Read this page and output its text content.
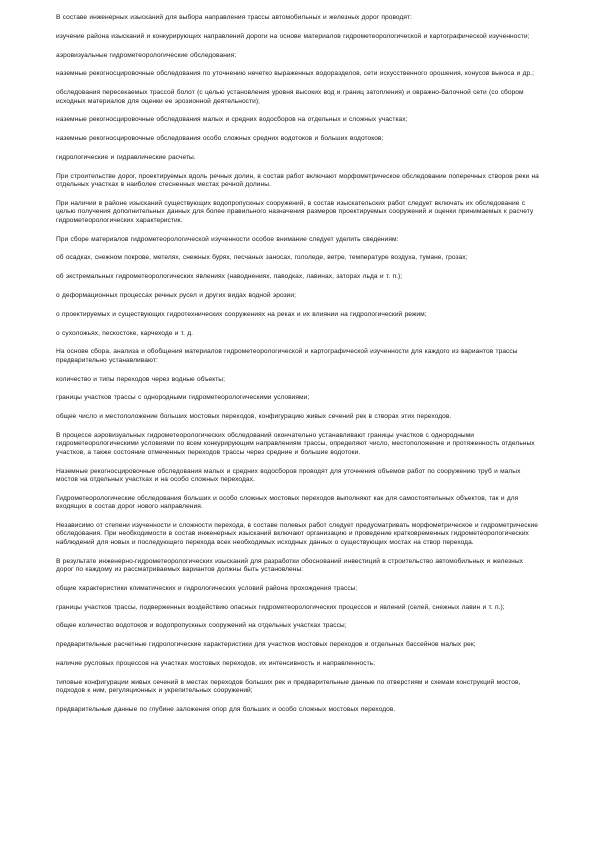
В составе инженерных изысканий для выбора направления трассы автомобильных и железных дорог проводят:

изучение района изысканий и конкурирующих направлений дороги на основе материалов гидрометеорологической и картографической изученности;

аэровизуальные гидрометеорологические обследования;

наземные рекогносцировочные обследования по уточнению нечетко выраженных водоразделов, сети искусственного орошения, конусов выноса и др.;

обследования пересекаемых трассой болот (с целью установления уровня высоких вод и границ затопления) и овражно-балочной сети (со сбором исходных материалов для оценки ее эрозионной деятельности);

наземные рекогносцировочные обследования малых и средних водосборов на отдельных и сложных участках;

наземные рекогносцировочные обследования особо сложных средних водотоков и больших водотоков;

гидрологические и гидравлические расчеты.

При строительстве дорог, проектируемых вдоль речных долин, в состав работ включают морфометрическое обследование поперечных створов реки на отдельных участках в наиболее стесненных местах речной долины.

При наличии в районе изысканий существующих водопропускных сооружений, в состав изыскательских работ следует включать их обследование с целью получения дополнительных данных для более правильного назначения размеров проектируемых сооружений и оценки принимаемых к расчету гидрометеорологических характеристик.

При сборе материалов гидрометеорологической изученности особое внимание следует уделить сведениям:

об осадках, снежном покрове, метелях, снежных бурях, песчаных заносах, гололеде, ветре, температуре воздуха, тумане, грозах;

об экстремальных гидрометеорологических явлениях (наводнениях, паводках, лавинах, заторах льда и т. п.);

о деформационных процессах речных русел и других видах водной эрозии;

о проектируемых и существующих гидротехнических сооружениях на реках и их влиянии на гидрологический режим;

о сухоложьях, пескостоке, карчеходе и т. д.

На основе сбора, анализа и обобщения материалов гидрометеорологической и картографической изученности для каждого из вариантов трассы предварительно устанавливают:

количество и типы переходов через водные объекты;

границы участков трассы с однородными гидрометеорологическими условиями;

общее число и местоположение больших мостовых переходов, конфигурацию живых сечений рек в створах этих переходов.

В процессе аэровизуальных гидрометеорологических обследований окончательно устанавливают границы участков с однородными гидрометеорологическими условиями по всем конкурирующим направлениям трассы, определяют число, местоположение и протяженность отдельных участков, а также состояние отмеченных переходов трассы через средние и большие водотоки.

Наземные рекогносцировочные обследования малых и средних водосборов проводят для уточнения объемов работ по сооружению труб и малых мостов на отдельных участках и на особо сложных переходах.

Гидрометеорологические обследования больших и особо сложных мостовых переходов выполняют как для самостоятельных объектов, так и для входящих в состав дорог нового направления.

Независимо от степени изученности и сложности перехода, в составе полевых работ следует предусматривать морфометрическое и гидрометрические обследования. При необходимости в состав инженерных изысканий включают организацию и проведение кратковременных гидрометеорологических наблюдений для новых и последующего перехода всех необходимых исходных данных о существующих мостах на створ перехода.

В результате инженерно-гидрометеорологических изысканий для разработки обоснований инвестиций в строительство автомобильных и железных дорог по каждому из рассматриваемых вариантов должны быть установлены:

общие характеристики климатических и гидрологических условий района прохождения трассы;

границы участков трассы, подверженных воздействию опасных гидрометеорологических процессов и явлений (селей, снежных лавин и т. п.);

общее количество водотоков и водопропускных сооружений на отдельных участках трассы;

предварительные расчетные гидрологические характеристики для участков мостовых переходов и отдельных бассейнов малых рек;

наличие русловых процессов на участках мостовых переходов, их интенсивность и направленность;

типовые конфигурации живых сечений в местах переходов больших рек и предварительные данные по отверстиям и схемам конструкций мостов, подходов к ним, регуляционных и укрепительных сооружений;

предварительные данные по глубине заложения опор для больших и особо сложных мостовых переходов.
